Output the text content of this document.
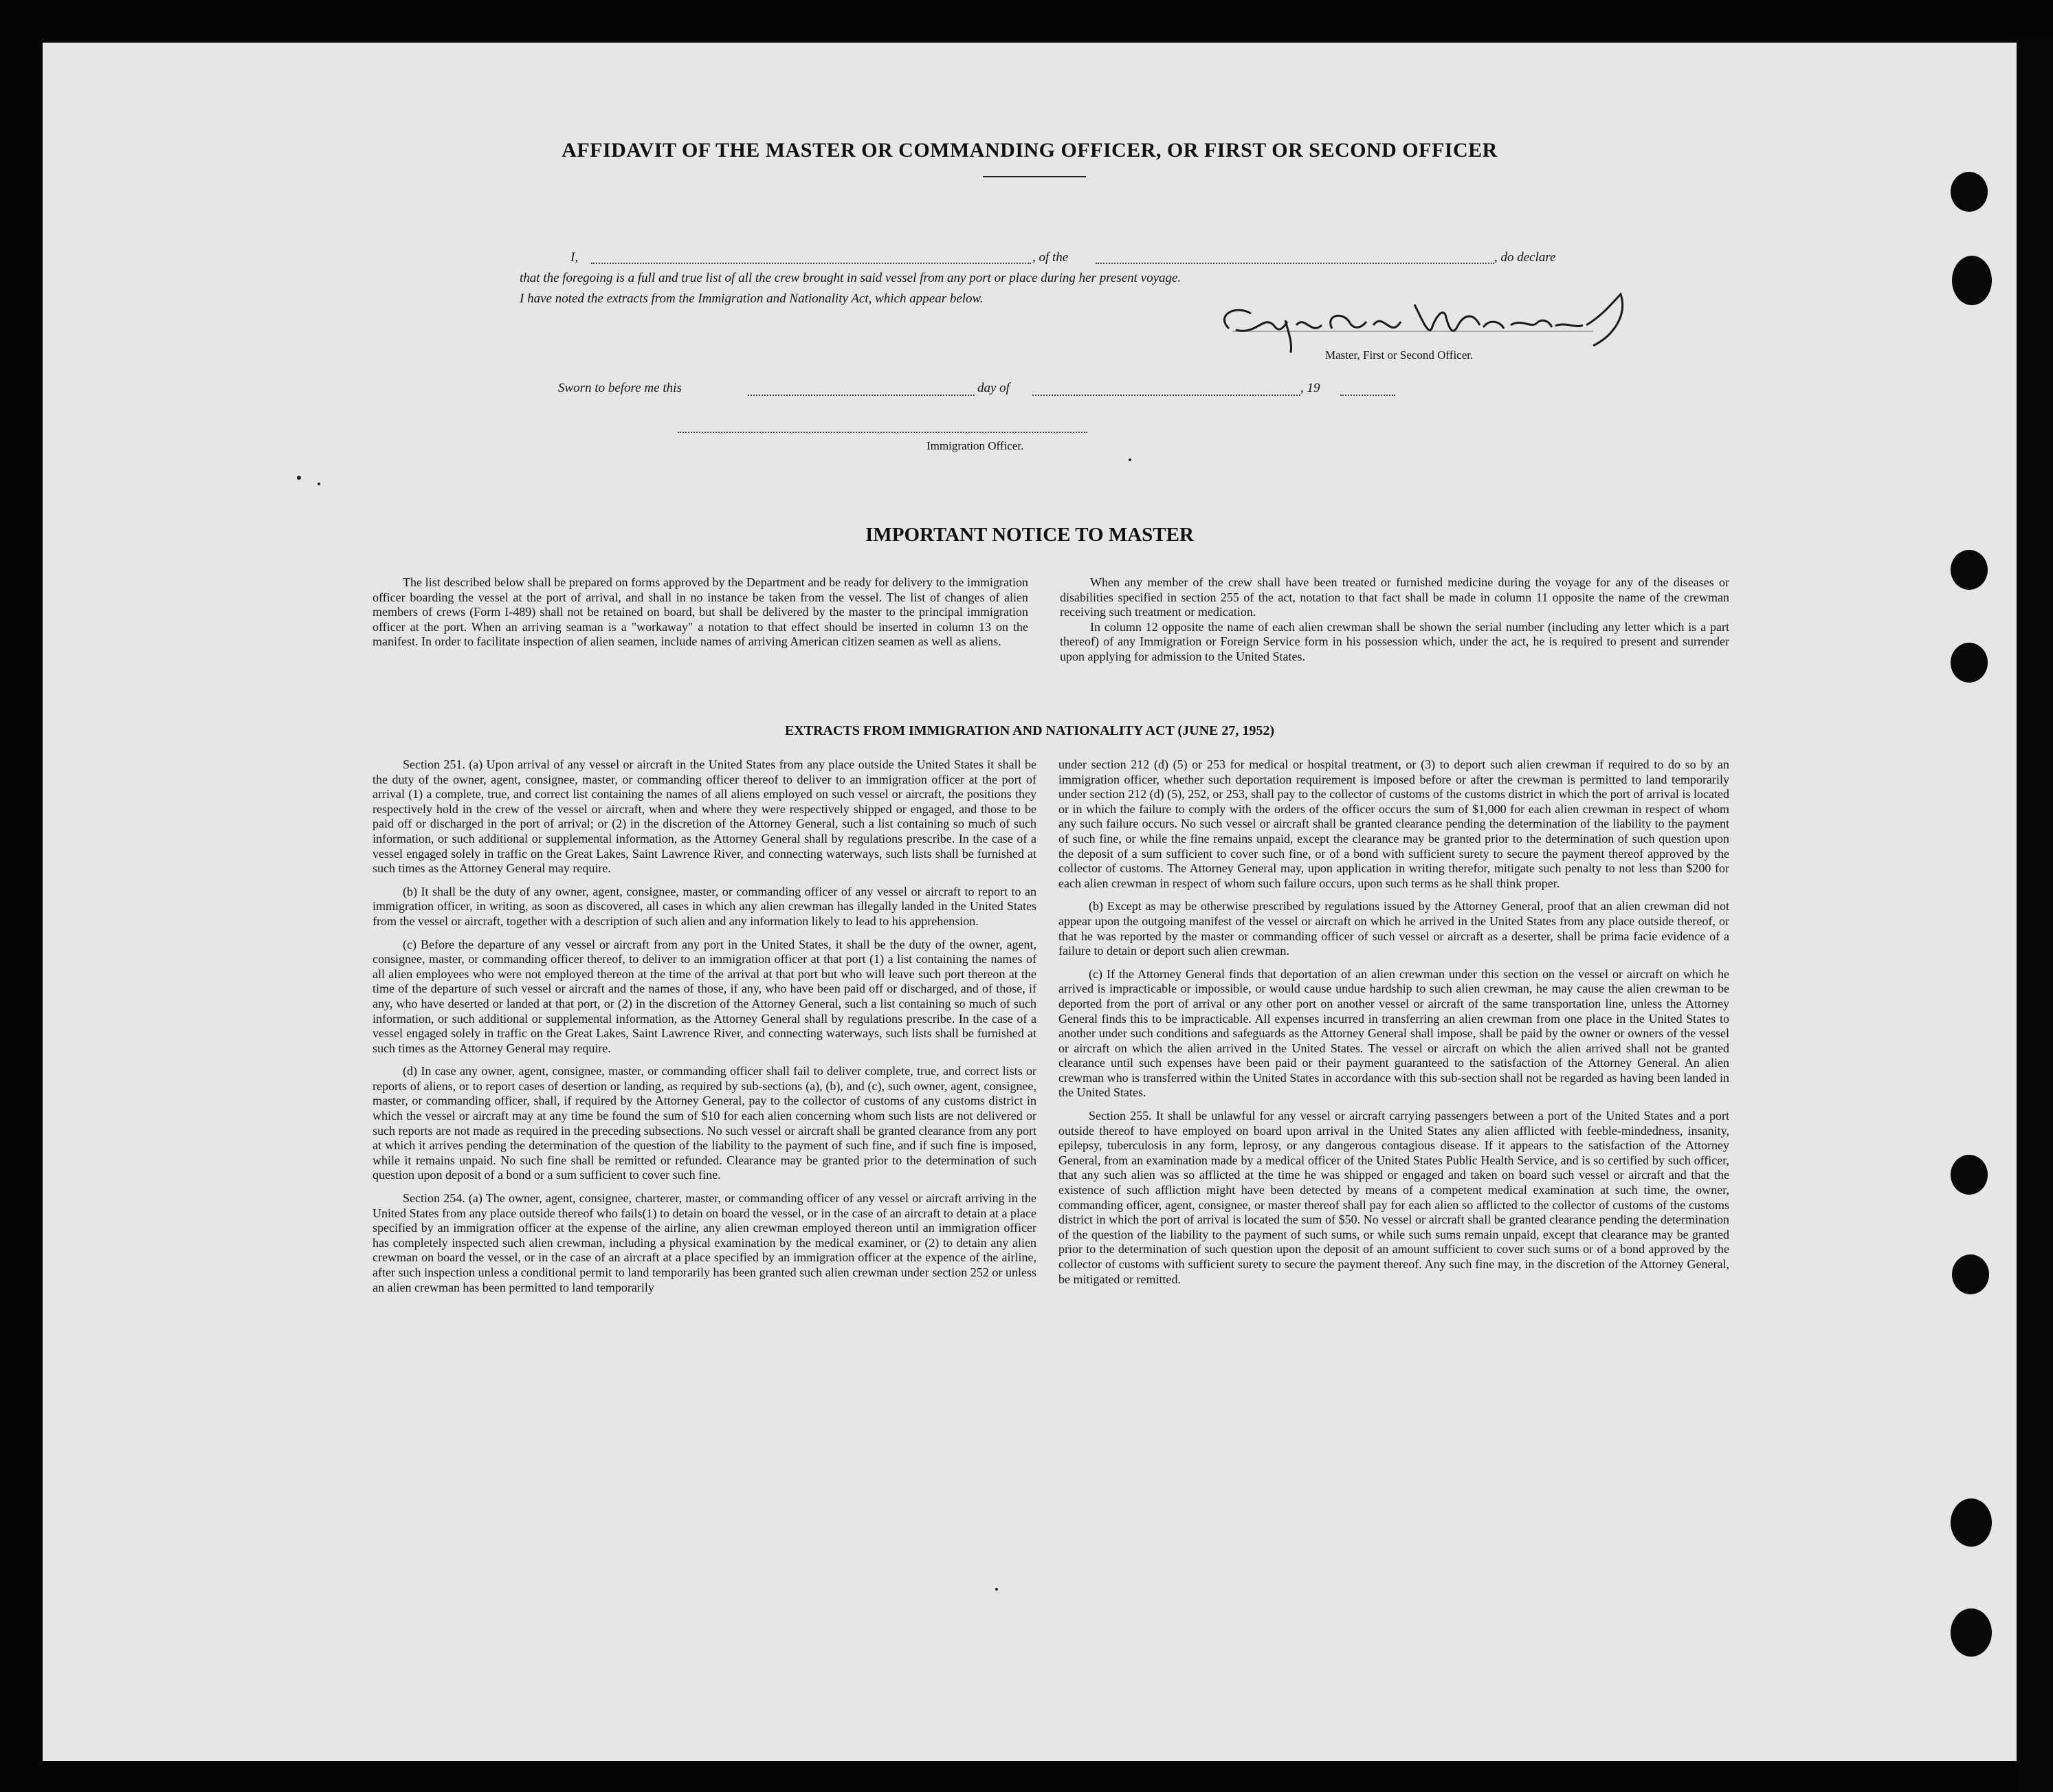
AFFIDAVIT OF THE MASTER OR COMMANDING OFFICER, OR FIRST OR SECOND OFFICER
I,	, of the	, do declare
that the foregoing is a full and true list of all the crew brought in said vessel from any port or place during her present voyage.
I have noted the extracts from the Immigration and Nationality Act, which appear below.
Master, First or Second Officer.
Sworn to before me this	day of	, 19
Immigration Officer.
IMPORTANT NOTICE TO MASTER

The list described below shall be prepared on forms approved by the Department and be ready for delivery to the immigration officer boarding the vessel at the port of arrival, and shall in no instance be taken from the vessel. The list of changes of alien members of crews (Form I-489) shall not be retained on board, but shall be delivered by the master to the principal immigration officer at the port. When an arriving seaman is a "workaway" a notation to that effect should be inserted in column 13 on the manifest. In order to facilitate inspection of alien seamen, include names of arriving American citizen seamen as well as aliens.

When any member of the crew shall have been treated or furnished medicine during the voyage for any of the diseases or disabilities specified in section 255 of the act, notation to that fact shall be made in column 11 opposite the name of the crewman receiving such treatment or medication.

In column 12 opposite the name of each alien crewman shall be shown the serial number (including any letter which is a part thereof) of any Immigration or Foreign Service form in his possession which, under the act, he is required to present and surrender upon applying for admission to the United States.

EXTRACTS FROM IMMIGRATION AND NATIONALITY ACT (JUNE 27, 1952)

Section 251. (a) Upon arrival of any vessel or aircraft in the United States from any place outside the United States it shall be the duty of the owner, agent, consignee, master, or commanding officer thereof to deliver to an immigration officer at the port of arrival (1) a complete, true, and correct list containing the names of all aliens employed on such vessel or aircraft, the positions they respectively hold in the crew of the vessel or aircraft, when and where they were respectively shipped or engaged, and those to be paid off or discharged in the port of arrival; or (2) in the discretion of the Attorney General, such a list containing so much of such information, or such additional or supplemental information, as the Attorney General shall by regulations prescribe. In the case of a vessel engaged solely in traffic on the Great Lakes, Saint Lawrence River, and connecting waterways, such lists shall be furnished at such times as the Attorney General may require.

(b) It shall be the duty of any owner, agent, consignee, master, or commanding officer of any vessel or aircraft to report to an immigration officer, in writing, as soon as discovered, all cases in which any alien crewman has illegally landed in the United States from the vessel or aircraft, together with a description of such alien and any information likely to lead to his apprehension.

(c) Before the departure of any vessel or aircraft from any port in the United States, it shall be the duty of the owner, agent, consignee, master, or commanding officer thereof, to deliver to an immigration officer at that port (1) a list containing the names of all alien employees who were not employed thereon at the time of the arrival at that port but who will leave such port thereon at the time of the departure of such vessel or aircraft and the names of those, if any, who have been paid off or discharged, and of those, if any, who have deserted or landed at that port, or (2) in the discretion of the Attorney General, such a list containing so much of such information, or such additional or supplemental information, as the Attorney General shall by regulations prescribe. In the case of a vessel engaged solely in traffic on the Great Lakes, Saint Lawrence River, and connecting waterways, such lists shall be furnished at such times as the Attorney General may require.

(d) In case any owner, agent, consignee, master, or commanding officer shall fail to deliver complete, true, and correct lists or reports of aliens, or to report cases of desertion or landing, as required by sub-sections (a), (b), and (c), such owner, agent, consignee, master, or commanding officer, shall, if required by the Attorney General, pay to the collector of customs of any customs district in which the vessel or aircraft may at any time be found the sum of $10 for each alien concerning whom such lists are not delivered or such reports are not made as required in the preceding subsections. No such vessel or aircraft shall be granted clearance from any port at which it arrives pending the determination of the question of the liability to the payment of such fine, and if such fine is imposed, while it remains unpaid. No such fine shall be remitted or refunded. Clearance may be granted prior to the determination of such question upon deposit of a bond or a sum sufficient to cover such fine.

Section 254. (a) The owner, agent, consignee, charterer, master, or commanding officer of any vessel or aircraft arriving in the United States from any place outside thereof who fails(1) to detain on board the vessel, or in the case of an aircraft to detain at a place specified by an immigration officer at the expense of the airline, any alien crewman employed thereon until an immigration officer has completely inspected such alien crewman, including a physical examination by the medical examiner, or (2) to detain any alien crewman on board the vessel, or in the case of an aircraft at a place specified by an immigration officer at the expence of the airline, after such inspection unless a conditional permit to land temporarily has been granted such alien crewman under section 252 or unless an alien crewman has been permitted to land temporarily

under section 212 (d) (5) or 253 for medical or hospital treatment, or (3) to deport such alien crewman if required to do so by an immigration officer, whether such deportation requirement is imposed before or after the crewman is permitted to land temporarily under section 212 (d) (5), 252, or 253, shall pay to the collector of customs of the customs district in which the port of arrival is located or in which the failure to comply with the orders of the officer occurs the sum of $1,000 for each alien crewman in respect of whom any such failure occurs. No such vessel or aircraft shall be granted clearance pending the determination of the liability to the payment of such fine, or while the fine remains unpaid, except the clearance may be granted prior to the determination of such question upon the deposit of a sum sufficient to cover such fine, or of a bond with sufficient surety to secure the payment thereof approved by the collector of customs. The Attorney General may, upon application in writing therefor, mitigate such penalty to not less than $200 for each alien crewman in respect of whom such failure occurs, upon such terms as he shall think proper.

(b) Except as may be otherwise prescribed by regulations issued by the Attorney General, proof that an alien crewman did not appear upon the outgoing manifest of the vessel or aircraft on which he arrived in the United States from any place outside thereof, or that he was reported by the master or commanding officer of such vessel or aircraft as a deserter, shall be prima facie evidence of a failure to detain or deport such alien crewman.

(c) If the Attorney General finds that deportation of an alien crewman under this section on the vessel or aircraft on which he arrived is impracticable or impossible, or would cause undue hardship to such alien crewman, he may cause the alien crewman to be deported from the port of arrival or any other port on another vessel or aircraft of the same transportation line, unless the Attorney General finds this to be impracticable. All expenses incurred in transferring an alien crewman from one place in the United States to another under such conditions and safeguards as the Attorney General shall impose, shall be paid by the owner or owners of the vessel or aircraft on which the alien arrived in the United States. The vessel or aircraft on which the alien arrived shall not be granted clearance until such expenses have been paid or their payment guaranteed to the satisfaction of the Attorney General. An alien crewman who is transferred within the United States in accordance with this sub-section shall not be regarded as having been landed in the United States.

Section 255. It shall be unlawful for any vessel or aircraft carrying passengers between a port of the United States and a port outside thereof to have employed on board upon arrival in the United States any alien afflicted with feeble-mindedness, insanity, epilepsy, tuberculosis in any form, leprosy, or any dangerous contagious disease. If it appears to the satisfaction of the Attorney General, from an examination made by a medical officer of the United States Public Health Service, and is so certified by such officer, that any such alien was so afflicted at the time he was shipped or engaged and taken on board such vessel or aircraft and that the existence of such affliction might have been detected by means of a competent medical examination at such time, the owner, commanding officer, agent, consignee, or master thereof shall pay for each alien so afflicted to the collector of customs of the customs district in which the port of arrival is located the sum of $50. No vessel or aircraft shall be granted clearance pending the determination of the question of the liability to the payment of such sums, or while such sums remain unpaid, except that clearance may be granted prior to the determination of such question upon the deposit of an amount sufficient to cover such sums or of a bond approved by the collector of customs with sufficient surety to secure the payment thereof. Any such fine may, in the discretion of the Attorney General, be mitigated or remitted.
